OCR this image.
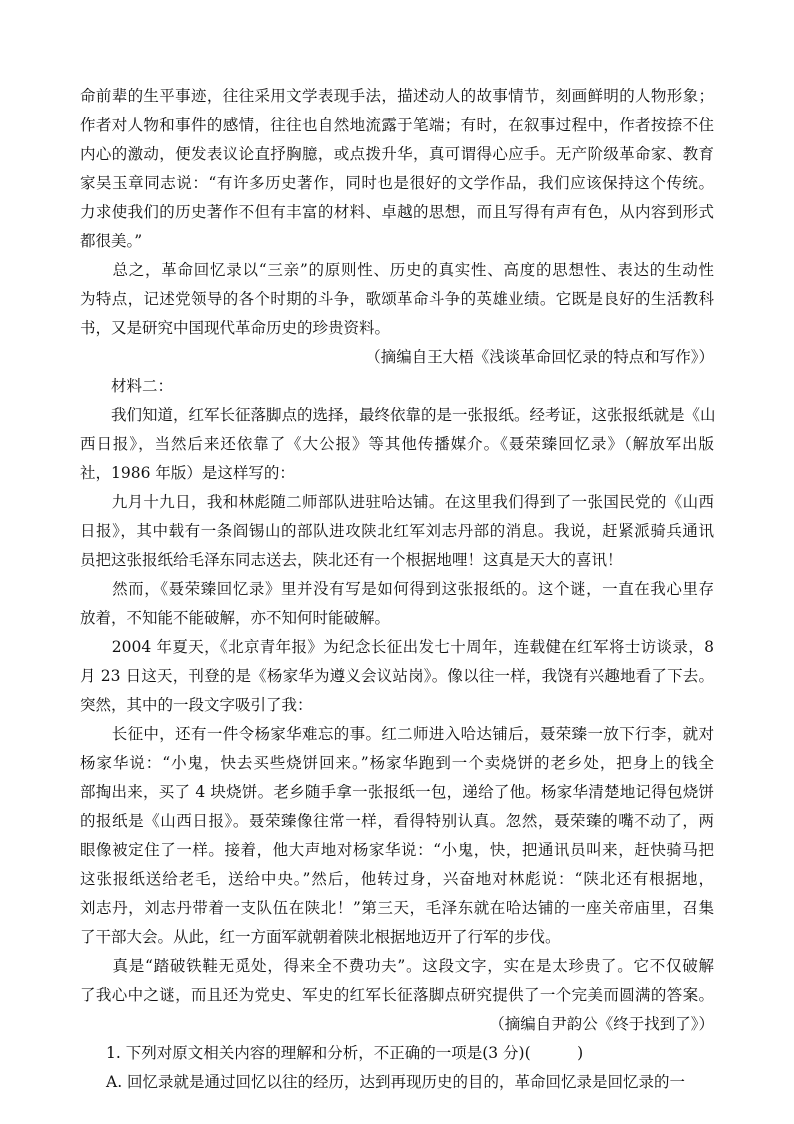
命前辈的生平事迹，往往采用文学表现手法，描述动人的故事情节，刻画鲜明的人物形象；
作者对人物和事件的感情，往往也自然地流露于笔端；有时，在叙事过程中，作者按捺不住
内心的激动，便发表议论直抒胸臆，或点拨升华，真可谓得心应手。无产阶级革命家、教育
家吴玉章同志说：“有许多历史著作，同时也是很好的文学作品，我们应该保持这个传统。
力求使我们的历史著作不但有丰富的材料、卓越的思想，而且写得有声有色，从内容到形式
都很美。”
　　总之，革命回忆录以“三亲”的原则性、历史的真实性、高度的思想性、表达的生动性
为特点，记述党领导的各个时期的斗争，歌颂革命斗争的英雄业绩。它既是良好的生活教科
书，又是研究中国现代革命历史的珍贵资料。
（摘编自王大梧《浅谈革命回忆录的特点和写作》）
　　材料二：
　　我们知道，红军长征落脚点的选择，最终依靠的是一张报纸。经考证，这张报纸就是《山
西日报》，当然后来还依靠了《大公报》等其他传播媒介。《聂荣臻回忆录》（解放军出版
社，1986 年版）是这样写的：
　　九月十九日，我和林彪随二师部队进驻哈达铺。在这里我们得到了一张国民党的《山西
日报》，其中载有一条阎锡山的部队进攻陕北红军刘志丹部的消息。我说，赶紧派骑兵通讯
员把这张报纸给毛泽东同志送去，陕北还有一个根据地哩！这真是天大的喜讯！
　　然而，《聂荣臻回忆录》里并没有写是如何得到这张报纸的。这个谜，一直在我心里存
放着，不知能不能破解，亦不知何时能破解。
　　2004 年夏天，《北京青年报》为纪念长征出发七十周年，连载健在红军将士访谈录，8
月 23 日这天，刊登的是《杨家华为遵义会议站岗》。像以往一样，我饶有兴趣地看了下去。
突然，其中的一段文字吸引了我：
　　长征中，还有一件令杨家华难忘的事。红二师进入哈达铺后，聂荣臻一放下行李，就对
杨家华说：“小鬼，快去买些烧饼回来。”杨家华跑到一个卖烧饼的老乡处，把身上的钱全
部掏出来，买了 4 块烧饼。老乡随手拿一张报纸一包，递给了他。杨家华清楚地记得包烧饼
的报纸是《山西日报》。聂荣臻像往常一样，看得特别认真。忽然，聂荣臻的嘴不动了，两
眼像被定住了一样。接着，他大声地对杨家华说：“小鬼，快，把通讯员叫来，赶快骑马把
这张报纸送给老毛，送给中央。”然后，他转过身，兴奋地对林彪说：“陕北还有根据地，
刘志丹，刘志丹带着一支队伍在陕北！”第三天，毛泽东就在哈达铺的一座关帝庙里，召集
了干部大会。从此，红一方面军就朝着陕北根据地迈开了行军的步伐。
　　真是“踏破铁鞋无觅处，得来全不费功夫”。这段文字，实在是太珍贵了。它不仅破解
了我心中之谜，而且还为党史、军史的红军长征落脚点研究提供了一个完美而圆满的答案。
（摘编自尹韵公《终于找到了》）
1. 下列对原文相关内容的理解和分析，不正确的一项是(3 分)(　　　)
A. 回忆录就是通过回忆以往的经历，达到再现历史的目的，革命回忆录是回忆录的一
